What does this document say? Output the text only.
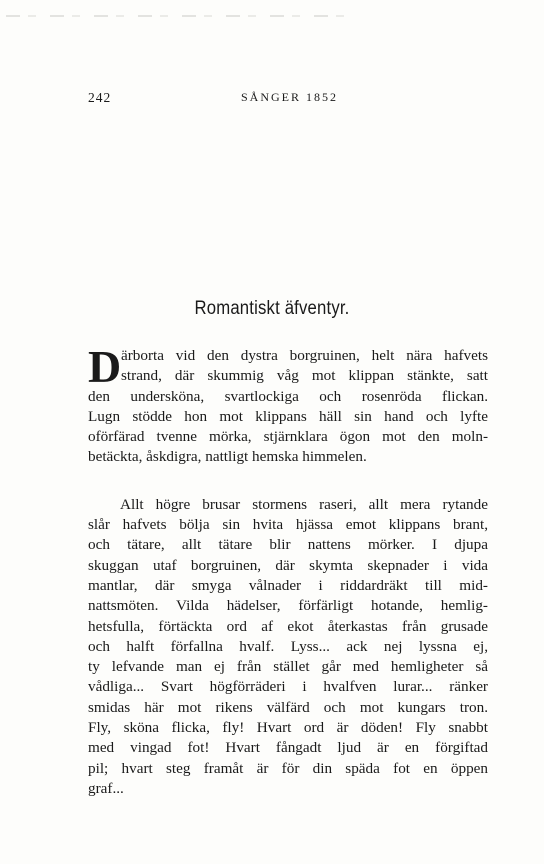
242	SÅNGER 1852
Romantiskt äfventyr.
D ärborta vid den dystra borgruinen, helt nära hafvets
strand, där skummig våg mot klippan stänkte, satt
den undersköna, svartlockiga och rosenröda flickan.
Lugn stödde hon mot klippans häll sin hand och lyfte
oförfärad tvenne mörka, stjärnklara ögon mot den moln-
betäckta, åskdigra, nattligt hemska himmelen.
Allt högre brusar stormens raseri, allt mera rytande
slår hafvets bölja sin hvita hjässa emot klippans brant,
och tätare, allt tätare blir nattens mörker. I djupa
skuggan utaf borgruinen, där skymta skepnader i vida
mantlar, där smyga vålnader i riddardräkt till mid-
nattsmöten. Vilda hädelser, förfärligt hotande, hemlig-
hetsfulla, förtäckta ord af ekot återkastas från grusade
och halft förfallna hvalf. Lyss... ack nej lyssna ej,
ty lefvande man ej från stället går med hemligheter så
vådliga... Svart högförräderi i hvalfven lurar... ränker
smidas här mot rikens välfärd och mot kungars tron.
Fly, sköna flicka, fly! Hvart ord är döden! Fly snabbt
med vingad fot! Hvart fångadt ljud är en förgiftad
pil; hvart steg framåt är för din späda fot en öppen
graf...
